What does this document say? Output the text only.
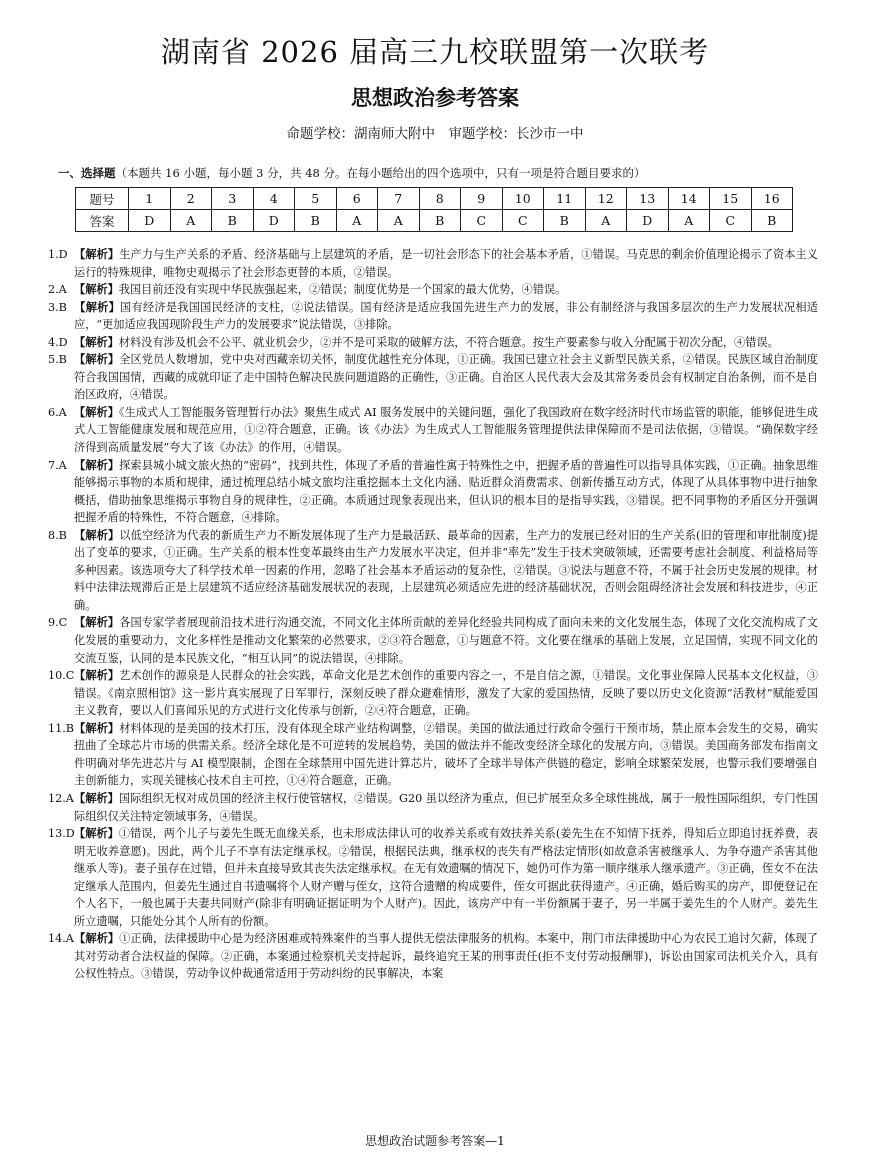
湖南省 2026 届高三九校联盟第一次联考
思想政治参考答案
命题学校：湖南师大附中　审题学校：长沙市一中
一、选择题（本题共 16 小题，每小题 3 分，共 48 分。在每小题给出的四个选项中，只有一项是符合题目要求的）
题号	1	2	3	4	5	6	7	8	9	10	11	12	13	14	15	16
答案	D	A	B	D	B	A	A	B	C	C	B	A	D	A	C	B

1.D 【解析】生产力与生产关系的矛盾、经济基础与上层建筑的矛盾，是一切社会形态下的社会基本矛盾，①错误。马克思的剩余价值理论揭示了资本主义运行的特殊规律，唯物史观揭示了社会形态更替的本质，②错误。

2.A 【解析】我国目前还没有实现中华民族强起来，②错误；制度优势是一个国家的最大优势，④错误。

3.B 【解析】国有经济是我国国民经济的支柱，②说法错误。国有经济是适应我国先进生产力的发展，非公有制经济与我国多层次的生产力发展状况相适应，“更加适应我国现阶段生产力的发展要求”说法错误，③排除。

4.D 【解析】材料没有涉及机会不公平、就业机会少，②并不是可采取的破解方法，不符合题意。按生产要素参与收入分配属于初次分配，④错误。

5.B 【解析】全区党员人数增加，党中央对西藏亲切关怀，制度优越性充分体现，①正确。我国已建立社会主义新型民族关系，②错误。民族区域自治制度符合我国国情，西藏的成就印证了走中国特色解决民族问题道路的正确性，③正确。自治区人民代表大会及其常务委员会有权制定自治条例，而不是自治区政府，④错误。

6.A 【解析】《生成式人工智能服务管理暂行办法》聚焦生成式 AI 服务发展中的关键问题，强化了我国政府在数字经济时代市场监管的职能，能够促进生成式人工智能健康发展和规范应用，①②符合题意，正确。该《办法》为生成式人工智能服务管理提供法律保障而不是司法依据，③错误。“确保数字经济得到高质量发展”夸大了该《办法》的作用，④错误。

7.A 【解析】探索县城小城文旅火热的“密码”，找到共性，体现了矛盾的普遍性寓于特殊性之中，把握矛盾的普遍性可以指导具体实践，①正确。抽象思维能够揭示事物的本质和规律，通过梳理总结小城文旅均注重挖掘本土文化内涵、贴近群众消费需求、创新传播互动方式，体现了从具体事物中进行抽象概括，借助抽象思维揭示事物自身的规律性，②正确。本质通过现象表现出来，但认识的根本目的是指导实践，③错误。把不同事物的矛盾区分开强调把握矛盾的特殊性，不符合题意，④排除。

8.B 【解析】以低空经济为代表的新质生产力不断发展体现了生产力是最活跃、最革命的因素，生产力的发展已经对旧的生产关系(旧的管理和审批制度)提出了变革的要求，①正确。生产关系的根本性变革最终由生产力发展水平决定，但并非“率先”发生于技术突破领域，还需要考虑社会制度、利益格局等多种因素。该选项夸大了科学技术单一因素的作用，忽略了社会基本矛盾运动的复杂性，②错误。③说法与题意不符，不属于社会历史发展的规律。材料中法律法规滞后正是上层建筑不适应经济基础发展状况的表现，上层建筑必须适应先进的经济基础状况，否则会阻碍经济社会发展和科技进步，④正确。

9.C 【解析】各国专家学者展现前沿技术进行沟通交流，不同文化主体所贡献的差异化经验共同构成了面向未来的文化发展生态，体现了文化交流构成了文化发展的重要动力，文化多样性是推动文化繁荣的必然要求，②③符合题意，①与题意不符。文化要在继承的基础上发展，立足国情，实现不同文化的交流互鉴，认同的是本民族文化，“相互认同”的说法错误，④排除。

10.C【解析】艺术创作的源泉是人民群众的社会实践，革命文化是艺术创作的重要内容之一，不是自信之源，①错误。文化事业保障人民基本文化权益，③错误。《南京照相馆》这一影片真实展现了日军罪行，深刻反映了群众避难情形，激发了大家的爱国热情，反映了要以历史文化资源“活教材”赋能爱国主义教育，要以人们喜闻乐见的方式进行文化传承与创新，②④符合题意，正确。

11.B【解析】材料体现的是美国的技术打压，没有体现全球产业结构调整，②错误。美国的做法通过行政命令强行干预市场，禁止原本会发生的交易，确实扭曲了全球芯片市场的供需关系。经济全球化是不可逆转的发展趋势，美国的做法并不能改变经济全球化的发展方向，③错误。美国商务部发布指南文件明确对华先进芯片与 AI 模型限制，企图在全球禁用中国先进计算芯片，破坏了全球半导体产供链的稳定，影响全球繁荣发展，也警示我们要增强自主创新能力，实现关键核心技术自主可控，①④符合题意，正确。

12.A【解析】国际组织无权对成员国的经济主权行使管辖权，②错误。G20 虽以经济为重点，但已扩展至众多全球性挑战，属于一般性国际组织，专门性国际组织仅关注特定领域事务，④错误。

13.D【解析】①错误，两个儿子与姜先生既无血缘关系，也未形成法律认可的收养关系或有效扶养关系(姜先生在不知情下抚养，得知后立即追讨抚养费，表明无收养意愿)。因此，两个儿子不享有法定继承权。②错误，根据民法典，继承权的丧失有严格法定情形(如故意杀害被继承人、为争夺遗产杀害其他继承人等)。妻子虽存在过错，但并未直接导致其丧失法定继承权。在无有效遗嘱的情况下，她仍可作为第一顺序继承人继承遗产。③正确，侄女不在法定继承人范围内，但姜先生通过自书遗嘱将个人财产赠与侄女，这符合遗赠的构成要件，侄女可据此获得遗产。④正确，婚后购买的房产，即便登记在个人名下，一般也属于夫妻共同财产(除非有明确证据证明为个人财产)。因此，该房产中有一半份额属于妻子，另一半属于姜先生的个人财产。姜先生所立遗嘱，只能处分其个人所有的份额。

14.A【解析】①正确，法律援助中心是为经济困难或特殊案件的当事人提供无偿法律服务的机构。本案中，荆门市法律援助中心为农民工追讨欠薪，体现了其对劳动者合法权益的保障。②正确，本案通过检察机关支持起诉，最终追究王某的刑事责任(拒不支付劳动报酬罪)，诉讼由国家司法机关介入，具有公权性特点。③错误，劳动争议仲裁通常适用于劳动纠纷的民事解决，本案

思想政治试题参考答案—1
